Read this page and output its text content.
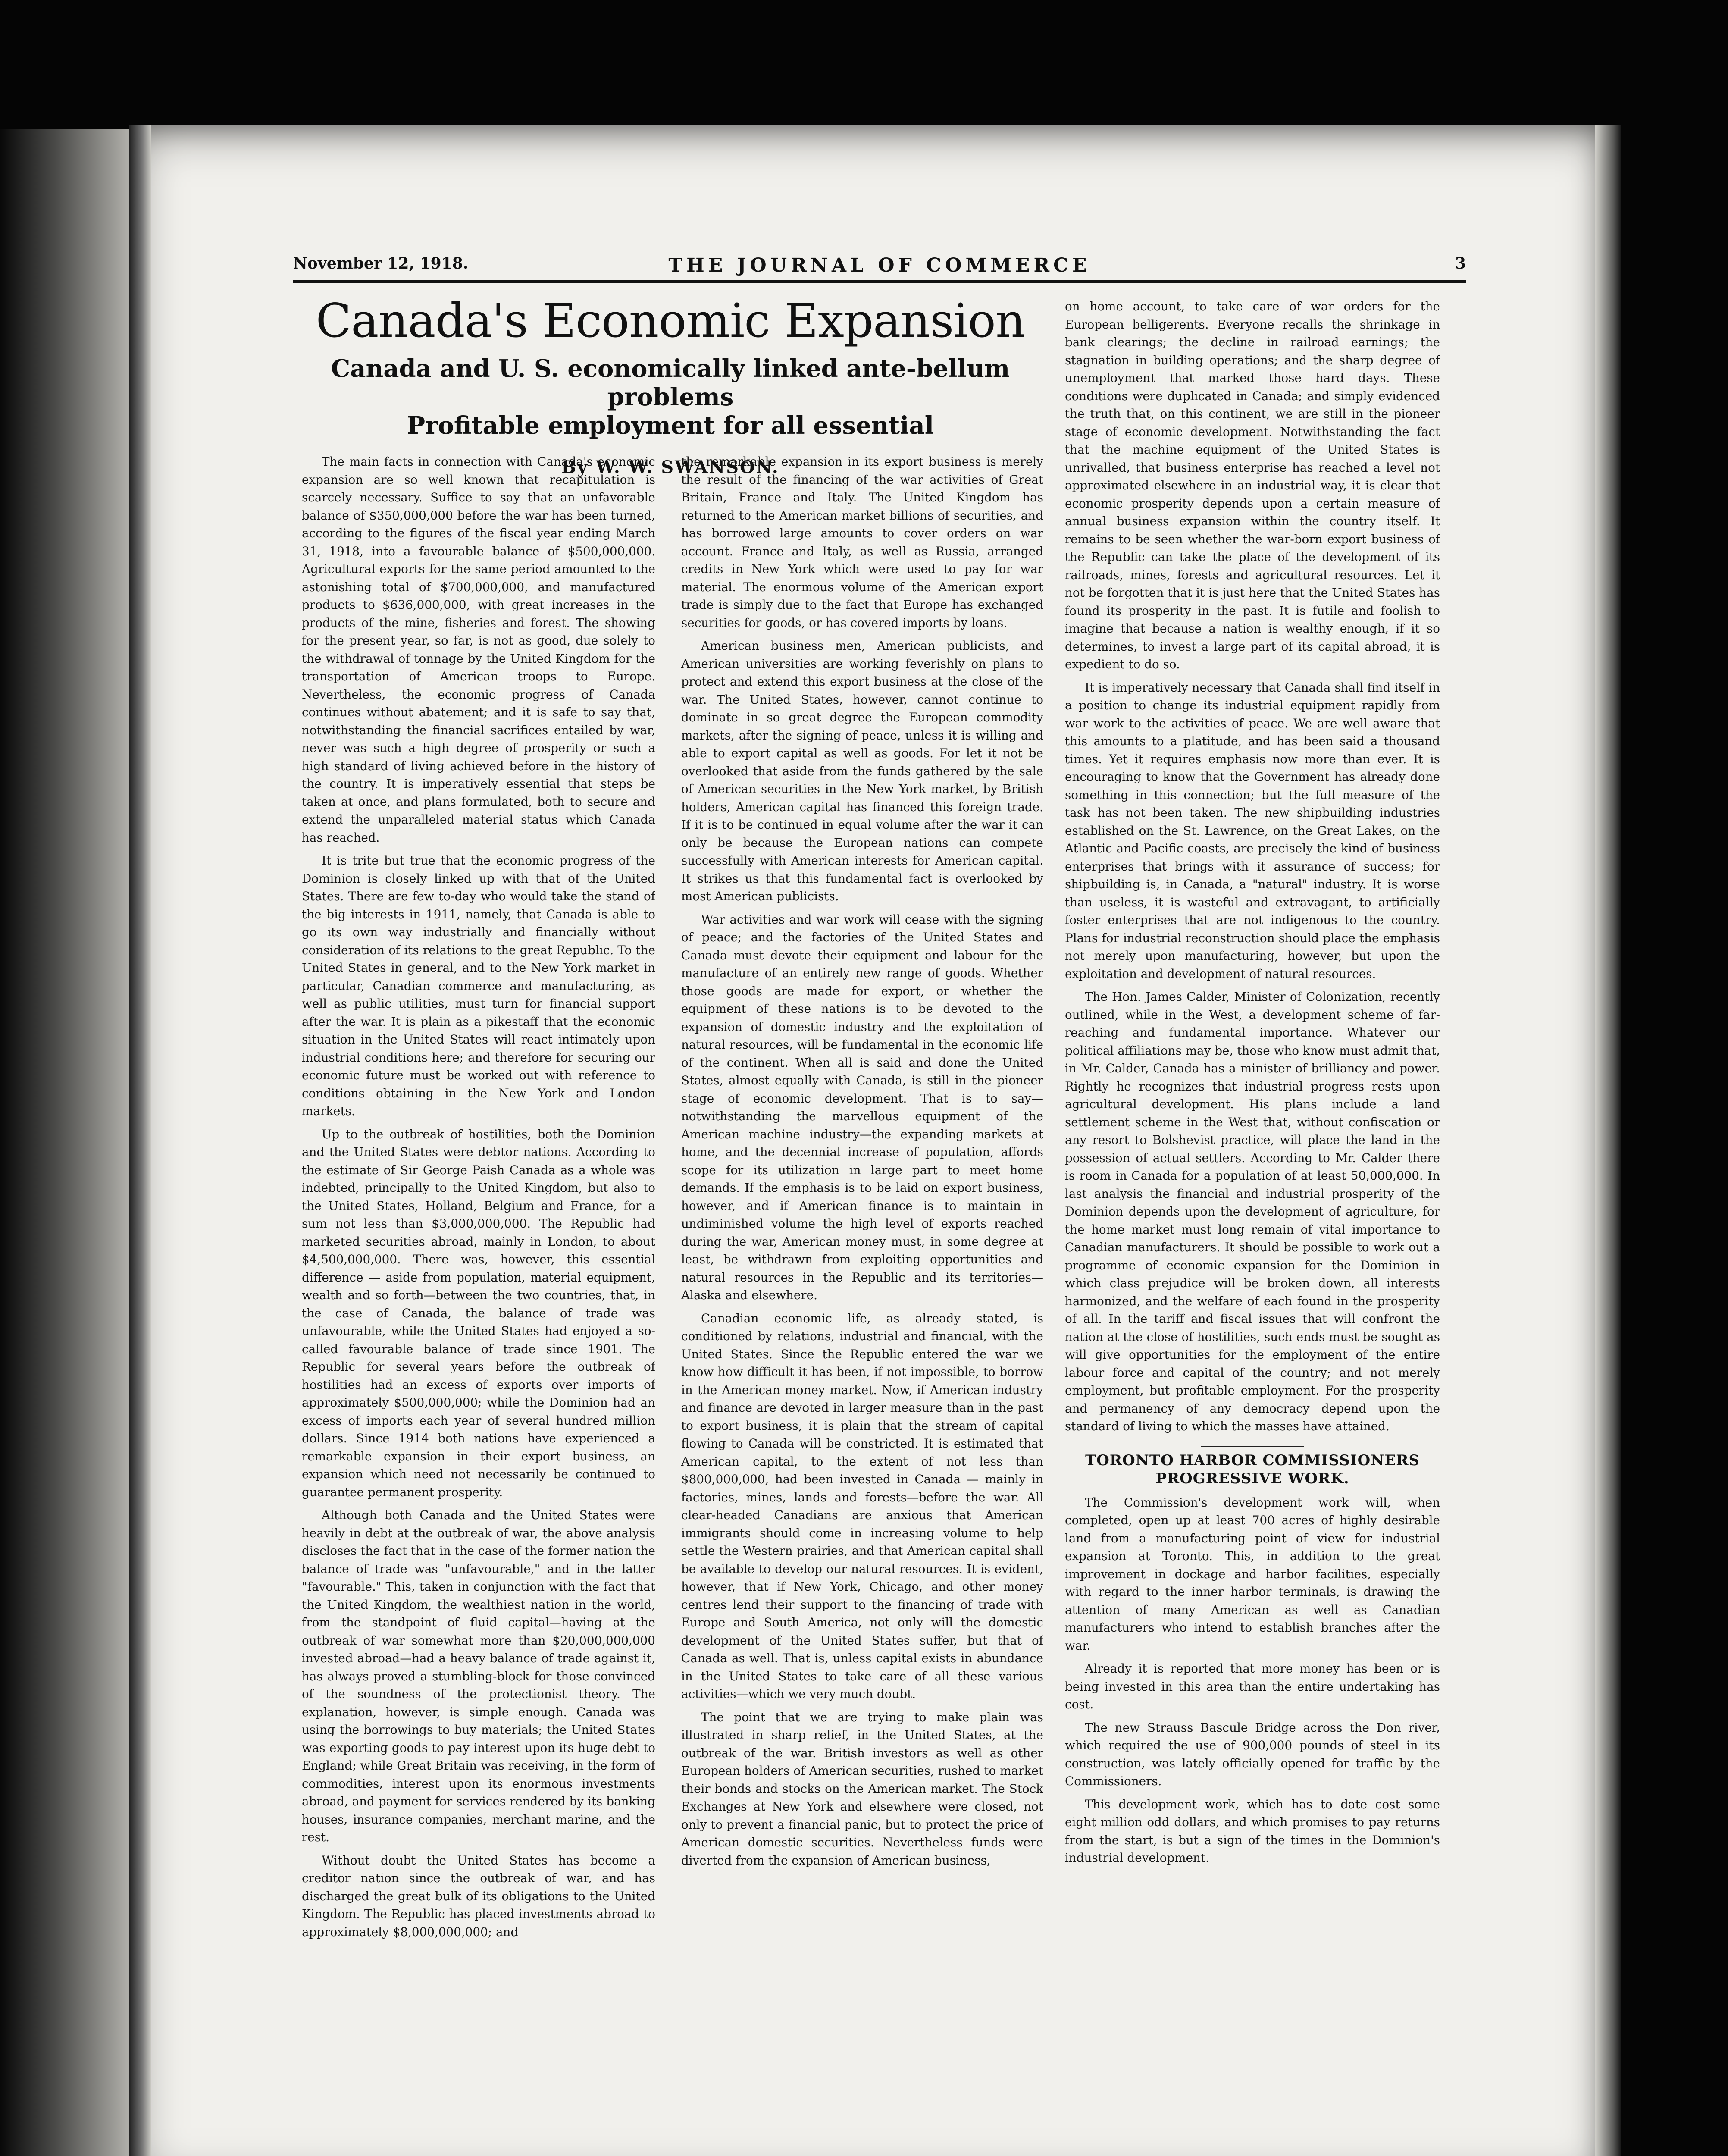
November 12, 1918.	THE JOURNAL OF COMMERCE	3
Canada's Economic Expansion
Canada and U. S. economically linked ante-bellum problems
Profitable employment for all essential
By W. W. SWANSON.

The main facts in connection with Canada's economic expansion are so well known that recapitulation is scarcely necessary. Suffice to say that an unfavorable balance of $350,000,000 before the war has been turned, according to the figures of the fiscal year ending March 31, 1918, into a favourable balance of $500,000,000. Agricultural exports for the same period amounted to the astonishing total of $700,000,000, and manufactured products to $636,000,000, with great increases in the products of the mine, fisheries and forest. The showing for the present year, so far, is not as good, due solely to the withdrawal of tonnage by the United Kingdom for the transportation of American troops to Europe. Nevertheless, the economic progress of Canada continues without abatement; and it is safe to say that, notwithstanding the financial sacrifices entailed by war, never was such a high degree of prosperity or such a high standard of living achieved before in the history of the country. It is imperatively essential that steps be taken at once, and plans formulated, both to secure and extend the unparalleled material status which Canada has reached.

It is trite but true that the economic progress of the Dominion is closely linked up with that of the United States. There are few to-day who would take the stand of the big interests in 1911, namely, that Canada is able to go its own way industrially and financially without consideration of its relations to the great Republic. To the United States in general, and to the New York market in particular, Canadian commerce and manufacturing, as well as public utilities, must turn for financial support after the war. It is plain as a pikestaff that the economic situation in the United States will react intimately upon industrial conditions here; and therefore for securing our economic future must be worked out with reference to conditions obtaining in the New York and London markets.

Up to the outbreak of hostilities, both the Dominion and the United States were debtor nations. According to the estimate of Sir George Paish Canada as a whole was indebted, principally to the United Kingdom, but also to the United States, Holland, Belgium and France, for a sum not less than $3,000,000,000. The Republic had marketed securities abroad, mainly in London, to about $4,500,000,000. There was, however, this essential difference — aside from population, material equipment, wealth and so forth—between the two countries, that, in the case of Canada, the balance of trade was unfavourable, while the United States had enjoyed a so-called favourable balance of trade since 1901. The Republic for several years before the outbreak of hostilities had an excess of exports over imports of approximately $500,000,000; while the Dominion had an excess of imports each year of several hundred million dollars. Since 1914 both nations have experienced a remarkable expansion in their export business, an expansion which need not necessarily be continued to guarantee permanent prosperity.

Although both Canada and the United States were heavily in debt at the outbreak of war, the above analysis discloses the fact that in the case of the former nation the balance of trade was "unfavourable," and in the latter "favourable." This, taken in conjunction with the fact that the United Kingdom, the wealthiest nation in the world, from the standpoint of fluid capital—having at the outbreak of war somewhat more than $20,000,000,000 invested abroad—had a heavy balance of trade against it, has always proved a stumbling-block for those convinced of the soundness of the protectionist theory. The explanation, however, is simple enough. Canada was using the borrowings to buy materials; the United States was exporting goods to pay interest upon its huge debt to England; while Great Britain was receiving, in the form of commodities, interest upon its enormous investments abroad, and payment for services rendered by its banking houses, insurance companies, merchant marine, and the rest.

Without doubt the United States has become a creditor nation since the outbreak of war, and has discharged the great bulk of its obligations to the United Kingdom. The Republic has placed investments abroad to approximately $8,000,000,000; and

the remarkable expansion in its export business is merely the result of the financing of the war activities of Great Britain, France and Italy. The United Kingdom has returned to the American market billions of securities, and has borrowed large amounts to cover orders on war account. France and Italy, as well as Russia, arranged credits in New York which were used to pay for war material. The enormous volume of the American export trade is simply due to the fact that Europe has exchanged securities for goods, or has covered imports by loans.

American business men, American publicists, and American universities are working feverishly on plans to protect and extend this export business at the close of the war. The United States, however, cannot continue to dominate in so great degree the European commodity markets, after the signing of peace, unless it is willing and able to export capital as well as goods. For let it not be overlooked that aside from the funds gathered by the sale of American securities in the New York market, by British holders, American capital has financed this foreign trade. If it is to be continued in equal volume after the war it can only be because the European nations can compete successfully with American interests for American capital. It strikes us that this fundamental fact is overlooked by most American publicists.

War activities and war work will cease with the signing of peace; and the factories of the United States and Canada must devote their equipment and labour for the manufacture of an entirely new range of goods. Whether those goods are made for export, or whether the equipment of these nations is to be devoted to the expansion of domestic industry and the exploitation of natural resources, will be fundamental in the economic life of the continent. When all is said and done the United States, almost equally with Canada, is still in the pioneer stage of economic development. That is to say—notwithstanding the marvellous equipment of the American machine industry—the expanding markets at home, and the decennial increase of population, affords scope for its utilization in large part to meet home demands. If the emphasis is to be laid on export business, however, and if American finance is to maintain in undiminished volume the high level of exports reached during the war, American money must, in some degree at least, be withdrawn from exploiting opportunities and natural resources in the Republic and its territories—Alaska and elsewhere.

Canadian economic life, as already stated, is conditioned by relations, industrial and financial, with the United States. Since the Republic entered the war we know how difficult it has been, if not impossible, to borrow in the American money market. Now, if American industry and finance are devoted in larger measure than in the past to export business, it is plain that the stream of capital flowing to Canada will be constricted. It is estimated that American capital, to the extent of not less than $800,000,000, had been invested in Canada — mainly in factories, mines, lands and forests—before the war. All clear-headed Canadians are anxious that American immigrants should come in increasing volume to help settle the Western prairies, and that American capital shall be available to develop our natural resources. It is evident, however, that if New York, Chicago, and other money centres lend their support to the financing of trade with Europe and South America, not only will the domestic development of the United States suffer, but that of Canada as well. That is, unless capital exists in abundance in the United States to take care of all these various activities—which we very much doubt.

The point that we are trying to make plain was illustrated in sharp relief, in the United States, at the outbreak of the war. British investors as well as other European holders of American securities, rushed to market their bonds and stocks on the American market. The Stock Exchanges at New York and elsewhere were closed, not only to prevent a financial panic, but to protect the price of American domestic securities. Nevertheless funds were diverted from the expansion of American business,

on home account, to take care of war orders for the European belligerents. Everyone recalls the shrinkage in bank clearings; the decline in railroad earnings; the stagnation in building operations; and the sharp degree of unemployment that marked those hard days. These conditions were duplicated in Canada; and simply evidenced the truth that, on this continent, we are still in the pioneer stage of economic development. Notwithstanding the fact that the machine equipment of the United States is unrivalled, that business enterprise has reached a level not approximated elsewhere in an industrial way, it is clear that economic prosperity depends upon a certain measure of annual business expansion within the country itself. It remains to be seen whether the war-born export business of the Republic can take the place of the development of its railroads, mines, forests and agricultural resources. Let it not be forgotten that it is just here that the United States has found its prosperity in the past. It is futile and foolish to imagine that because a nation is wealthy enough, if it so determines, to invest a large part of its capital abroad, it is expedient to do so.

It is imperatively necessary that Canada shall find itself in a position to change its industrial equipment rapidly from war work to the activities of peace. We are well aware that this amounts to a platitude, and has been said a thousand times. Yet it requires emphasis now more than ever. It is encouraging to know that the Government has already done something in this connection; but the full measure of the task has not been taken. The new shipbuilding industries established on the St. Lawrence, on the Great Lakes, on the Atlantic and Pacific coasts, are precisely the kind of business enterprises that brings with it assurance of success; for shipbuilding is, in Canada, a "natural" industry. It is worse than useless, it is wasteful and extravagant, to artificially foster enterprises that are not indigenous to the country. Plans for industrial reconstruction should place the emphasis not merely upon manufacturing, however, but upon the exploitation and development of natural resources.

The Hon. James Calder, Minister of Colonization, recently outlined, while in the West, a development scheme of far-reaching and fundamental importance. Whatever our political affiliations may be, those who know must admit that, in Mr. Calder, Canada has a minister of brilliancy and power. Rightly he recognizes that industrial progress rests upon agricultural development. His plans include a land settlement scheme in the West that, without confiscation or any resort to Bolshevist practice, will place the land in the possession of actual settlers. According to Mr. Calder there is room in Canada for a population of at least 50,000,000. In last analysis the financial and industrial prosperity of the Dominion depends upon the development of agriculture, for the home market must long remain of vital importance to Canadian manufacturers. It should be possible to work out a programme of economic expansion for the Dominion in which class prejudice will be broken down, all interests harmonized, and the welfare of each found in the prosperity of all. In the tariff and fiscal issues that will confront the nation at the close of hostilities, such ends must be sought as will give opportunities for the employment of the entire labour force and capital of the country; and not merely employment, but profitable employment. For the prosperity and permanency of any democracy depend upon the standard of living to which the masses have attained.

TORONTO HARBOR COMMISSIONERS
PROGRESSIVE WORK.

The Commission's development work will, when completed, open up at least 700 acres of highly desirable land from a manufacturing point of view for industrial expansion at Toronto. This, in addition to the great improvement in dockage and harbor facilities, especially with regard to the inner harbor terminals, is drawing the attention of many American as well as Canadian manufacturers who intend to establish branches after the war.

Already it is reported that more money has been or is being invested in this area than the entire undertaking has cost.

The new Strauss Bascule Bridge across the Don river, which required the use of 900,000 pounds of steel in its construction, was lately officially opened for traffic by the Commissioners.

This development work, which has to date cost some eight million odd dollars, and which promises to pay returns from the start, is but a sign of the times in the Dominion's industrial development.
